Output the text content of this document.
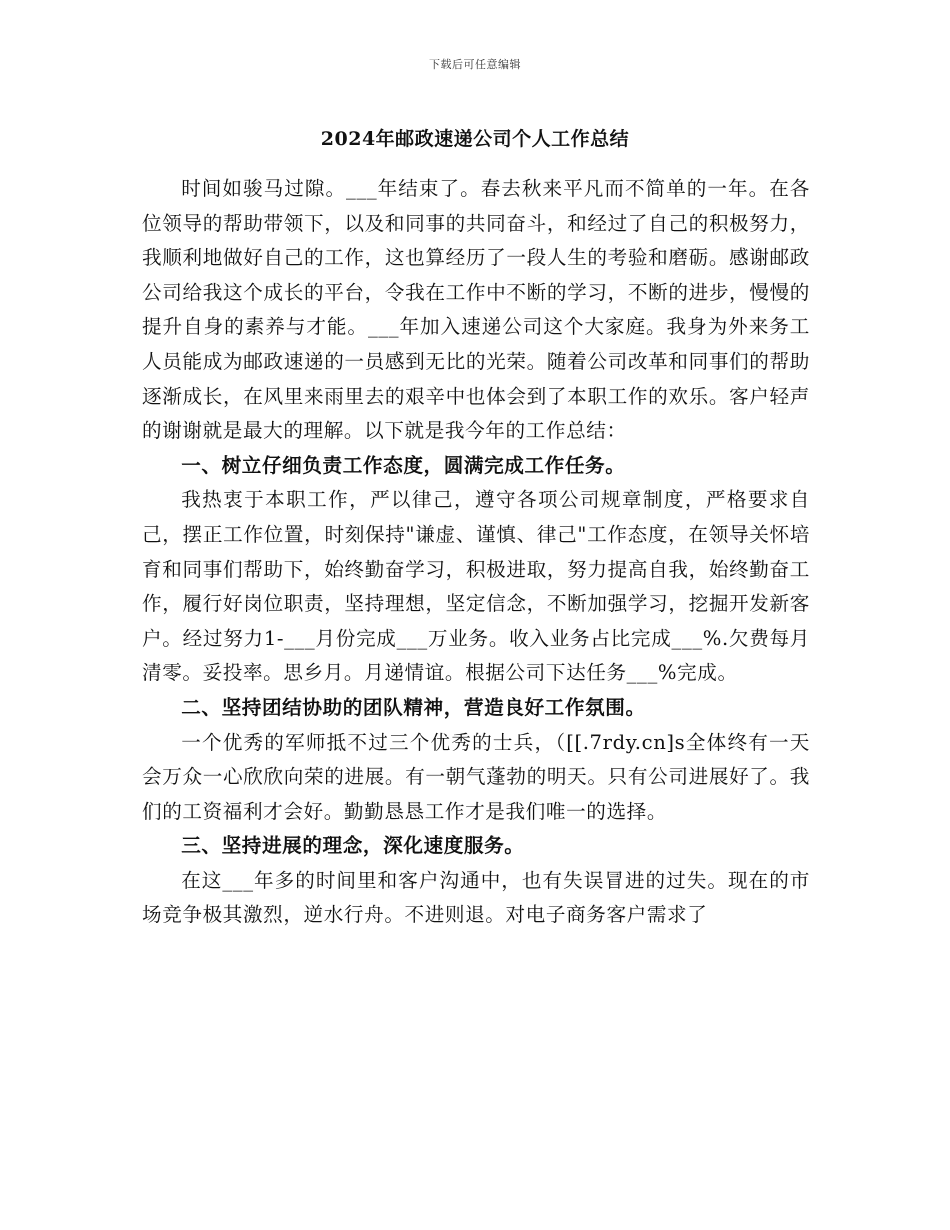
下载后可任意编辑
2024年邮政速递公司个人工作总结

时间如骏马过隙。___年结束了。春去秋来平凡而不简单的一年。在各位领导的帮助带领下，以及和同事的共同奋斗，和经过了自己的积极努力，我顺利地做好自己的工作，这也算经历了一段人生的考验和磨砺。感谢邮政公司给我这个成长的平台，令我在工作中不断的学习，不断的进步，慢慢的提升自身的素养与才能。___年加入速递公司这个大家庭。我身为外来务工人员能成为邮政速递的一员感到无比的光荣。随着公司改革和同事们的帮助逐渐成长，在风里来雨里去的艰辛中也体会到了本职工作的欢乐。客户轻声的谢谢就是最大的理解。以下就是我今年的工作总结：

一、树立仔细负责工作态度，圆满完成工作任务。

我热衷于本职工作，严以律己，遵守各项公司规章制度，严格要求自己，摆正工作位置，时刻保持"谦虚、谨慎、律己"工作态度，在领导关怀培育和同事们帮助下，始终勤奋学习，积极进取，努力提高自我，始终勤奋工作，履行好岗位职责，坚持理想，坚定信念，不断加强学习，挖掘开发新客户。经过努力1-___月份完成___万业务。收入业务占比完成___%.欠费每月清零。妥投率。思乡月。月递情谊。根据公司下达任务___%完成。

二、坚持团结协助的团队精神，营造良好工作氛围。

一个优秀的军师抵不过三个优秀的士兵，（[[.7rdy.cn]s全体终有一天会万众一心欣欣向荣的进展。有一朝气蓬勃的明天。只有公司进展好了。我们的工资福利才会好。勤勤恳恳工作才是我们唯一的选择。

三、坚持进展的理念，深化速度服务。

在这___年多的时间里和客户沟通中，也有失误冒进的过失。现在的市场竞争极其激烈，逆水行舟。不进则退。对电子商务客户需求了
